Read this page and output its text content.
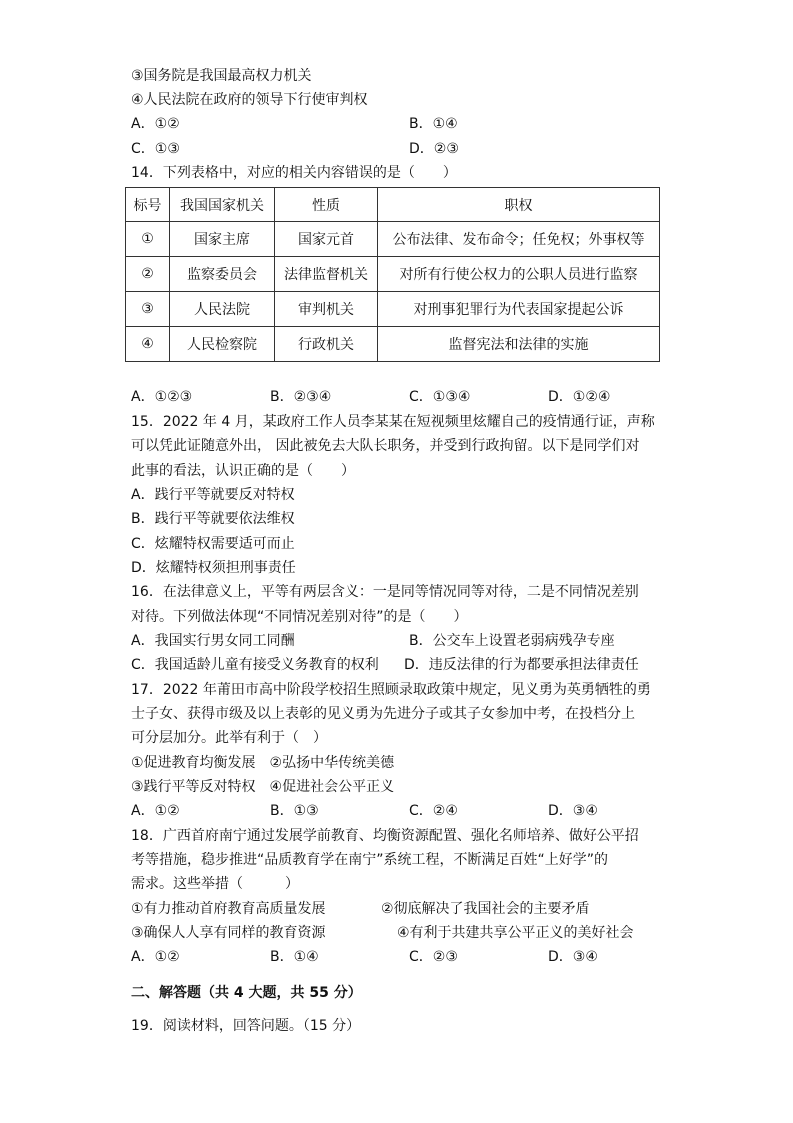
③国务院是我国最高权力机关
④人民法院在政府的领导下行使审判权
A．①②	B．①④
C．①③	D．②③
14．下列表格中，对应的相关内容错误的是（　　）
标号	我国国家机关	性质	职权
①	国家主席	国家元首	公布法律、发布命令；任免权；外事权等
②	监察委员会	法律监督机关	对所有行使公权力的公职人员进行监察
③	人民法院	审判机关	对刑事犯罪行为代表国家提起公诉
④	人民检察院	行政机关	监督宪法和法律的实施
A．①②③	B．②③④	C．①③④	D．①②④
15．2022 年 4 月，某政府工作人员李某某在短视频里炫耀自己的疫情通行证，声称
可以凭此证随意外出， 因此被免去大队长职务，并受到行政拘留。以下是同学们对
此事的看法，认识正确的是（　　）
A．践行平等就要反对特权
B．践行平等就要依法维权
C．炫耀特权需要适可而止
D．炫耀特权须担刑事责任
16．在法律意义上，平等有两层含义：一是同等情况同等对待，二是不同情况差别
对待。下列做法体现“不同情况差别对待”的是（　　）
A．我国实行男女同工同酬	B．公交车上设置老弱病残孕专座
C．我国适龄儿童有接受义务教育的权利 D．违反法律的行为都要承担法律责任
17．2022 年莆田市高中阶段学校招生照顾录取政策中规定，见义勇为英勇牺牲的勇
士子女、获得市级及以上表彰的见义勇为先进分子或其子女参加中考，在投档分上
可分层加分。此举有利于（　）
①促进教育均衡发展　②弘扬中华传统美德
③践行平等反对特权　④促进社会公平正义
A．①②	B．①③	C．②④	D．③④
18．广西首府南宁通过发展学前教育、均衡资源配置、强化名师培养、做好公平招
考等措施，稳步推进“品质教育学在南宁”系统工程，不断满足百姓“上好学”的
需求。这些举措（　　　）
①有力推动首府教育高质量发展	②彻底解决了我国社会的主要矛盾
③确保人人享有同样的教育资源	④有利于共建共享公平正义的美好社会
A．①②	B．①④	C．②③	D．③④
二、解答题（共 4 大题，共 55 分）
19．阅读材料，回答问题。（15 分）
